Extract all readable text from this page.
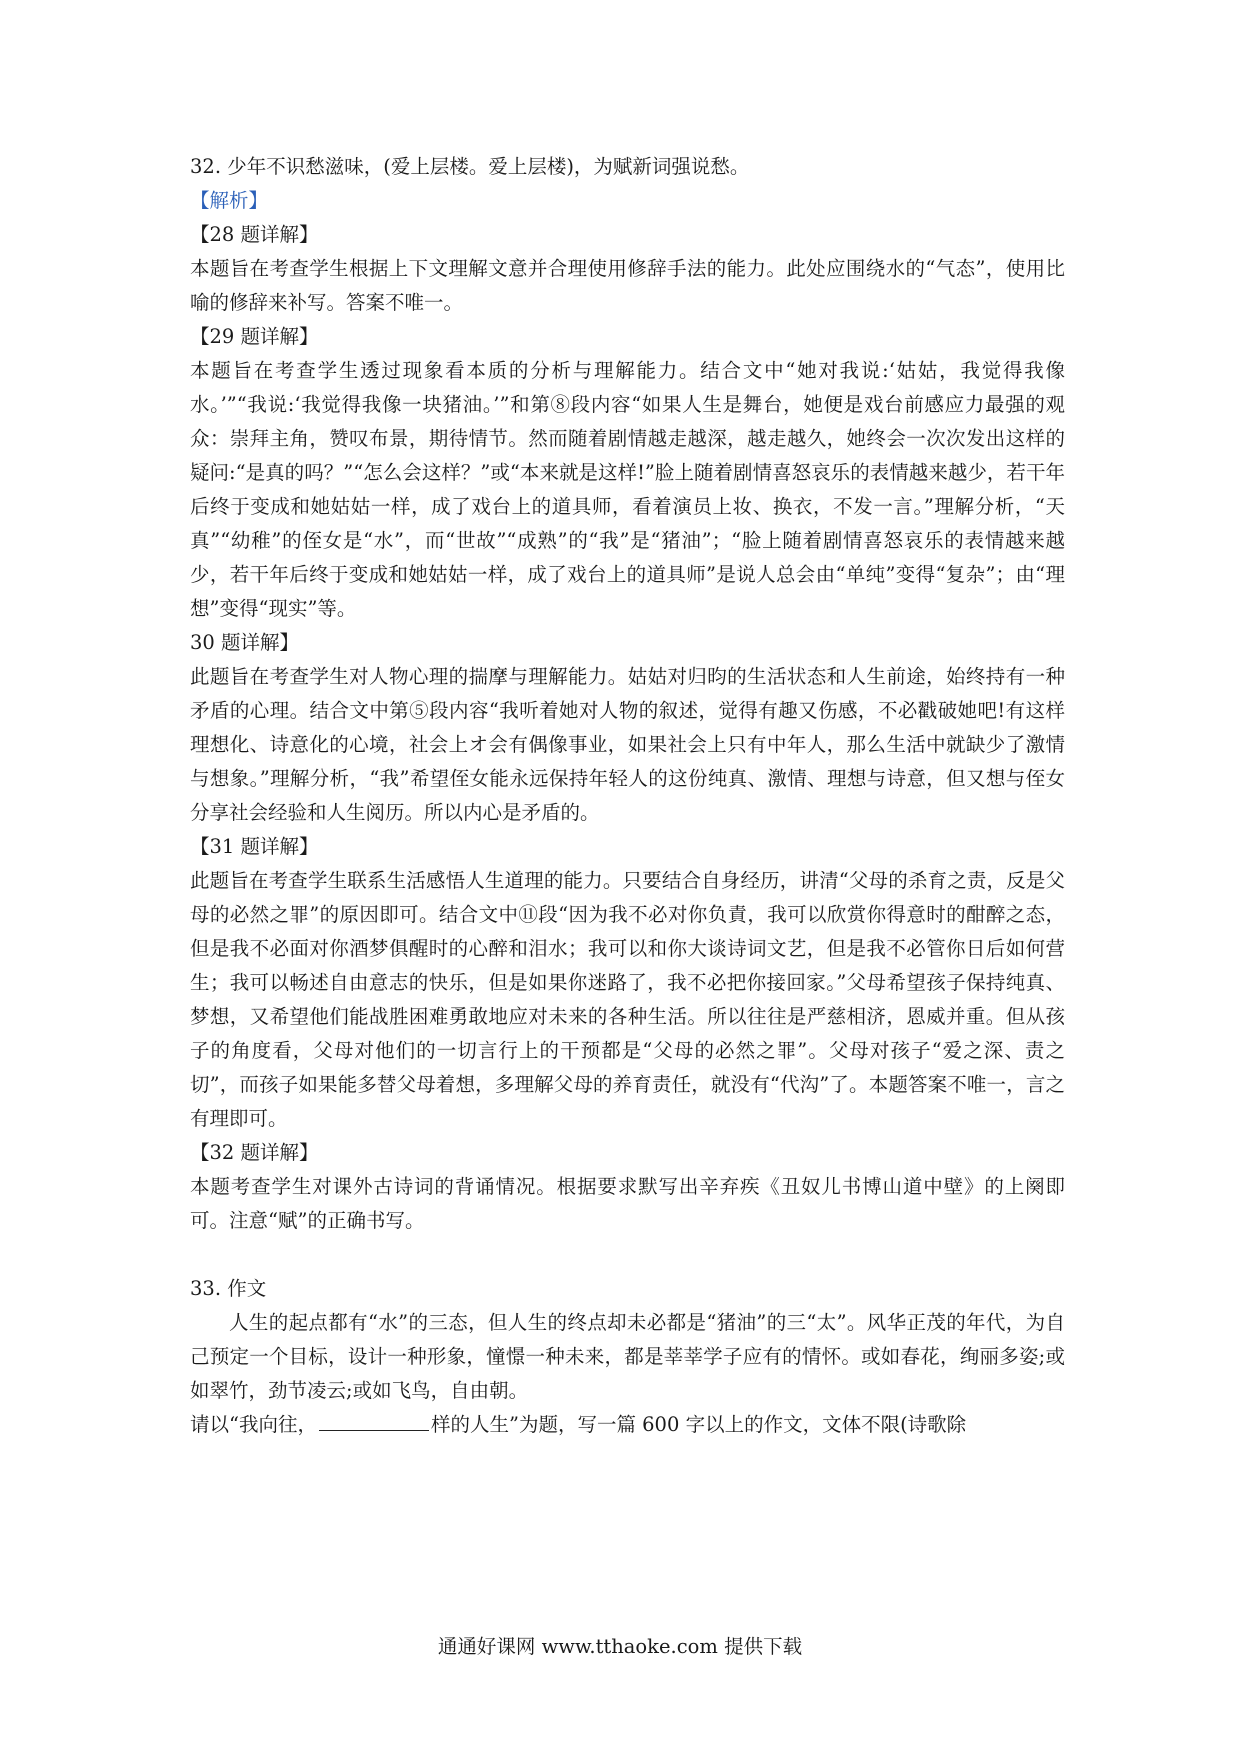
32. 少年不识愁滋味，(爱上层楼。爱上层楼)，为赋新词强说愁。

【解析】

【28 题详解】

本题旨在考查学生根据上下文理解文意并合理使用修辞手法的能力。此处应围绕水的“气态”，使用比喻的修辞来补写。答案不唯一。

【29 题详解】

本题旨在考查学生透过现象看本质的分析与理解能力。结合文中“她对我说:‘姑姑，我觉得我像水。’”“我说:‘我觉得我像一块猪油。’”和第⑧段内容“如果人生是舞台，她便是戏台前感应力最强的观众：崇拜主角，赞叹布景，期待情节。然而随着剧情越走越深，越走越久，她终会一次次发出这样的疑问:“是真的吗？”“怎么会这样？”或“本来就是这样!”脸上随着剧情喜怒哀乐的表情越来越少，若干年后终于变成和她姑姑一样，成了戏台上的道具师，看着演员上妆、换衣，不发一言。”理解分析，“天真”“幼稚”的侄女是“水”，而“世故”“成熟”的“我”是“猪油”；“脸上随着剧情喜怒哀乐的表情越来越少，若干年后终于变成和她姑姑一样，成了戏台上的道具师”是说人总会由“单纯”变得“复杂”；由“理想”变得“现实”等。

30 题详解】

此题旨在考查学生对人物心理的揣摩与理解能力。姑姑对归昀的生活状态和人生前途，始终持有一种矛盾的心理。结合文中第⑤段内容“我听着她对人物的叙述，觉得有趣又伤感，不必戳破她吧!有这样理想化、诗意化的心境，社会上オ会有偶像事业，如果社会上只有中年人，那么生活中就缺少了激情与想象。”理解分析，“我”希望侄女能永远保持年轻人的这份纯真、激情、理想与诗意，但又想与侄女分享社会经验和人生阅历。所以内心是矛盾的。

【31 题详解】

此题旨在考查学生联系生活感悟人生道理的能力。只要结合自身经历，讲清“父母的杀育之责，反是父母的必然之罪”的原因即可。结合文中⑪段“因为我不必对你负責，我可以欣赏你得意时的酣醉之态，但是我不必面对你酒梦俱醒时的心醉和泪水；我可以和你大谈诗词文艺，但是我不必管你日后如何营生；我可以畅述自由意志的快乐，但是如果你迷路了，我不必把你接回家。”父母希望孩子保持纯真、梦想，又希望他们能战胜困难勇敢地应对未来的各种生活。所以往往是严慈相济，恩威并重。但从孩子的角度看，父母对他们的一切言行上的干预都是“父母的必然之罪”。父母对孩子“爱之深、责之切”，而孩子如果能多替父母着想，多理解父母的养育责任，就没有“代沟”了。本题答案不唯一，言之有理即可。

【32 题详解】

本题考查学生对课外古诗词的背诵情况。根据要求默写出辛弃疾《丑奴儿书博山道中壁》的上阕即可。注意“赋”的正确书写。

33. 作文

人生的起点都有“水”的三态，但人生的终点却未必都是“猪油”的三“太”。风华正茂的年代，为自己预定一个目标，设计一种形象，憧憬一种未来，都是莘莘学子应有的情怀。或如春花，绚丽多姿;或如翠竹，劲节凌云;或如飞鸟，自由朝。

请以“我向往，	样的人生”为题，写一篇 600 字以上的作文，文体不限(诗歌除

通通好课网 www.tthaoke.com 提供下载
